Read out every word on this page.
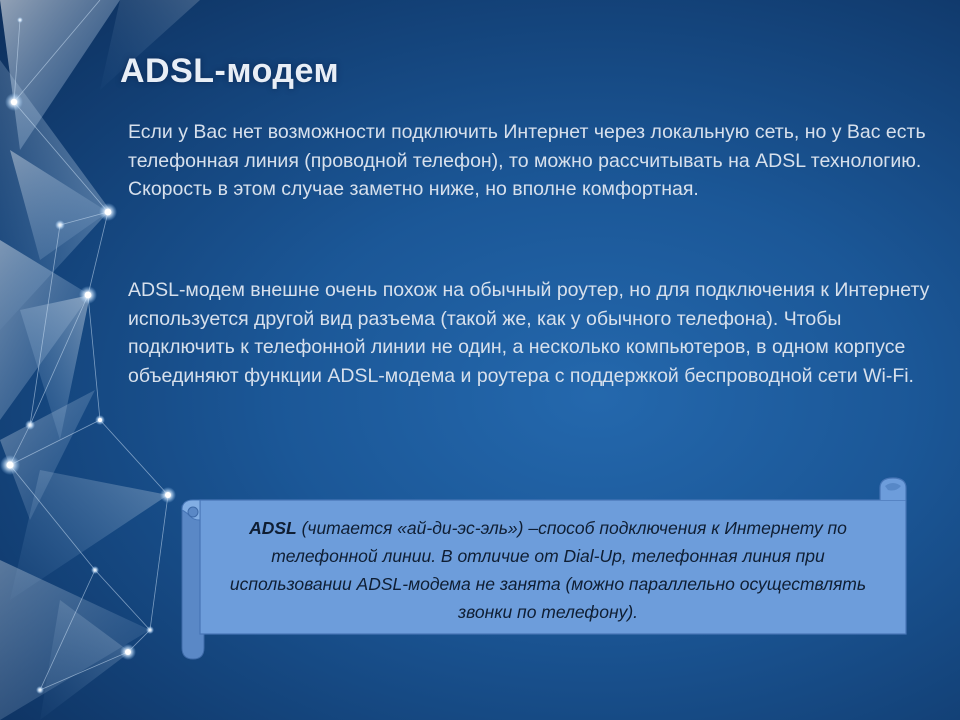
ADSL-модем

Если у Вас нет возможности подключить Интернет через локальную сеть, но у Вас есть телефонная линия (проводной телефон), то можно рассчитывать на ADSL технологию. Скорость в этом случае заметно ниже, но вполне комфортная.

ADSL-модем внешне очень похож на обычный роутер, но для подключения к Интернету используется другой вид разъема (такой же, как у обычного телефона). Чтобы подключить к телефонной линии не один, а несколько компьютеров, в одном корпусе объединяют функции ADSL-модема и роутера с поддержкой беспроводной сети Wi-Fi.

ADSL (читается «ай-ди-эс-эль») –способ подключения к Интернету по телефонной линии. В отличие от Dial-Up, телефонная линия при использовании ADSL-модема не занята (можно параллельно осуществлять звонки по телефону).
